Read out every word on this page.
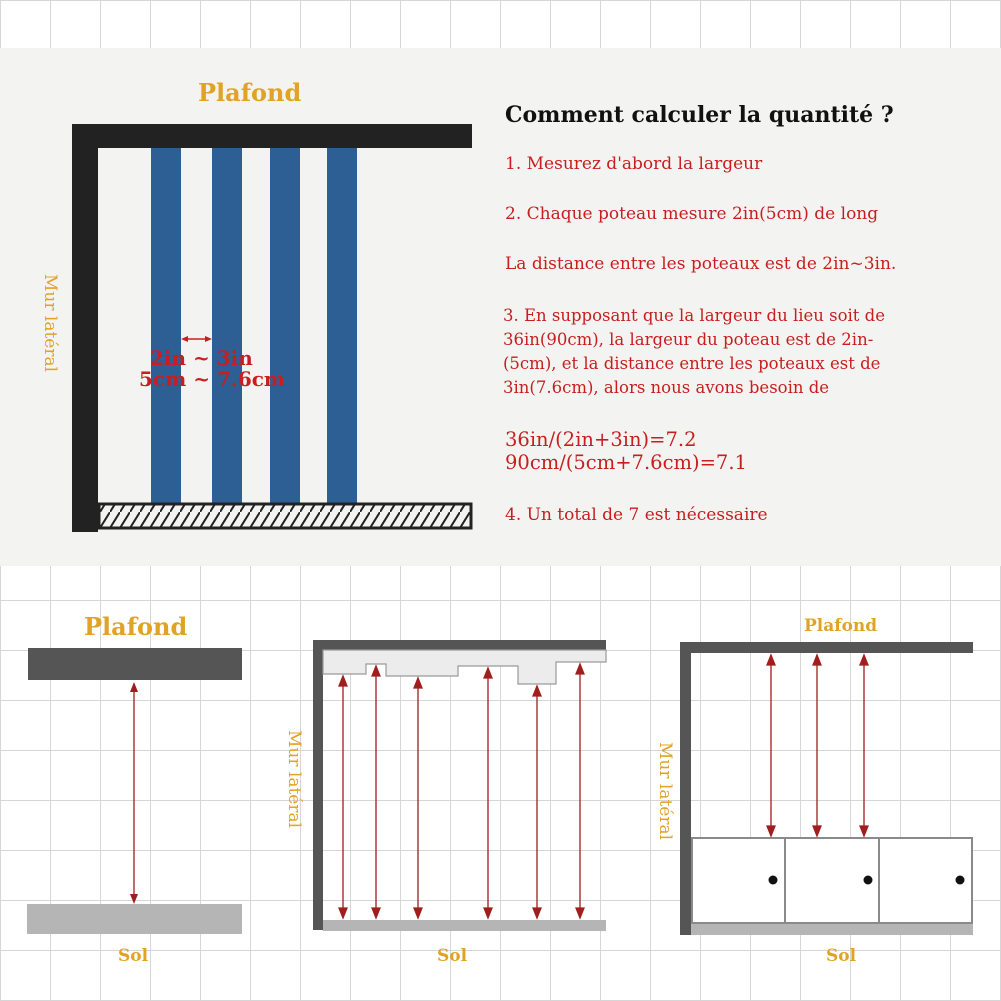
Plafond
Mur latéral	2in ~ 3in
5cm ~ 7.6cm
Comment calculer la quantité ?
1. Mesurez d'abord la largeur
2. Chaque poteau mesure 2in(5cm) de long
La distance entre les poteaux est de 2in~3in.
3. En supposant que la largeur du lieu soit de
36in(90cm), la largeur du poteau est de 2in-
(5cm), et la distance entre les poteaux est de
3in(7.6cm), alors nous avons besoin de
36in/(2in+3in)=7.2
90cm/(5cm+7.6cm)=7.1
4. Un total de 7 est nécessaire
Plafond
Sol
Mur latéral
Sol
Plafond
Mur latéral
Sol
